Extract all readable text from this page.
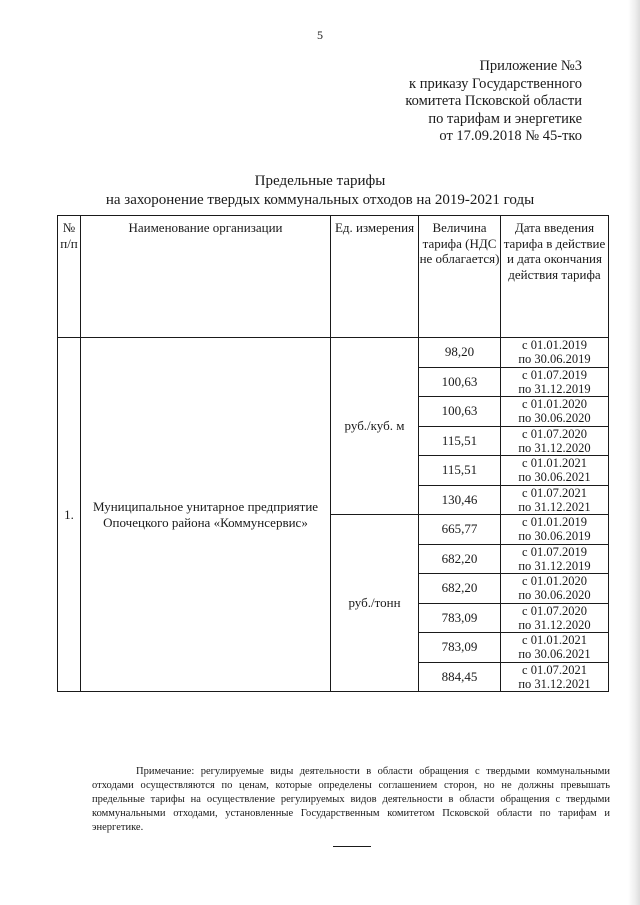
5
Приложение №3
к приказу Государственного
комитета Псковской области
по тарифам и энергетике
от 17.09.2018 № 45-тко
Предельные тарифы
на захоронение твердых коммунальных отходов на 2019-2021 годы
№ п/п	Наименование организации	Ед. измерения	Величина тарифа (НДС не облагается)	Дата введения тарифа в действие и дата окончания действия тарифа
1.	Муниципальное унитарное предприятие Опочецкого района «Коммунсервис»	руб./куб. м	98,20	с 01.01.2019
по 30.06.2019

			100,63	с 01.07.2019
по 31.12.2019

			100,63	с 01.01.2020
по 30.06.2020

			115,51	с 01.07.2020
по 31.12.2020

			115,51	с 01.01.2021
по 30.06.2021

			130,46	с 01.07.2021
по 31.12.2021

		руб./тонн	665,77	с 01.01.2019
по 30.06.2019

			682,20	с 01.07.2019
по 31.12.2019

			682,20	с 01.01.2020
по 30.06.2020

			783,09	с 01.07.2020
по 31.12.2020

			783,09	с 01.01.2021
по 30.06.2021

			884,45	с 01.07.2021
по 31.12.2021
Примечание: регулируемые виды деятельности в области обращения с твердыми коммунальными отходами осуществляются по ценам, которые определены соглашением сторон, но не должны превышать предельные тарифы на осуществление регулируемых видов деятельности в области обращения с твердыми коммунальными отходами, установленные Государственным комитетом Псковской области по тарифам и энергетике.
